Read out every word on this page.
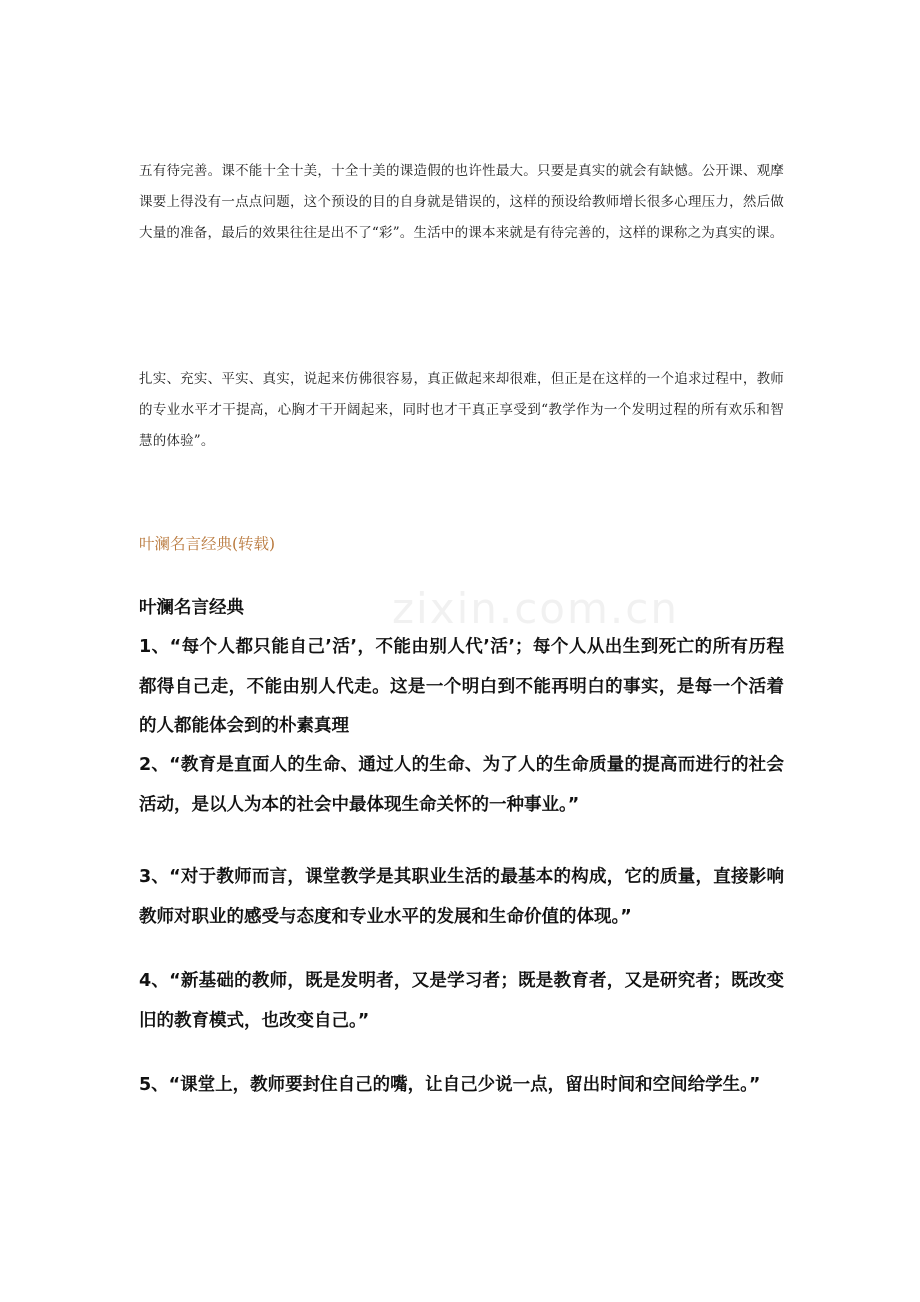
zixin.com.cn

五有待完善。课不能十全十美，十全十美的课造假的也许性最大。只要是真实的就会有缺憾。公开课、观摩课要上得没有一点点问题，这个预设的目的自身就是错误的，这样的预设给教师增长很多心理压力，然后做大量的准备，最后的效果往往是出不了“彩”。生活中的课本来就是有待完善的，这样的课称之为真实的课。

扎实、充实、平实、真实，说起来仿佛很容易，真正做起来却很难，但正是在这样的一个追求过程中，教师的专业水平才干提高，心胸才干开阔起来，同时也才干真正享受到“教学作为一个发明过程的所有欢乐和智慧的体验”。

叶澜名言经典(转载)
叶澜名言经典

1、“每个人都只能自己’活’，不能由别人代’活’；每个人从出生到死亡的所有历程都得自己走，不能由别人代走。这是一个明白到不能再明白的事实，是每一个活着的人都能体会到的朴素真理

2、“教育是直面人的生命、通过人的生命、为了人的生命质量的提高而进行的社会活动，是以人为本的社会中最体现生命关怀的一种事业。”

3、“对于教师而言，课堂教学是其职业生活的最基本的构成，它的质量，直接影响教师对职业的感受与态度和专业水平的发展和生命价值的体现。”

4、“新基础的教师，既是发明者，又是学习者；既是教育者，又是研究者；既改变旧的教育模式，也改变自己。”

5、“课堂上，教师要封住自己的嘴，让自己少说一点，留出时间和空间给学生。”
